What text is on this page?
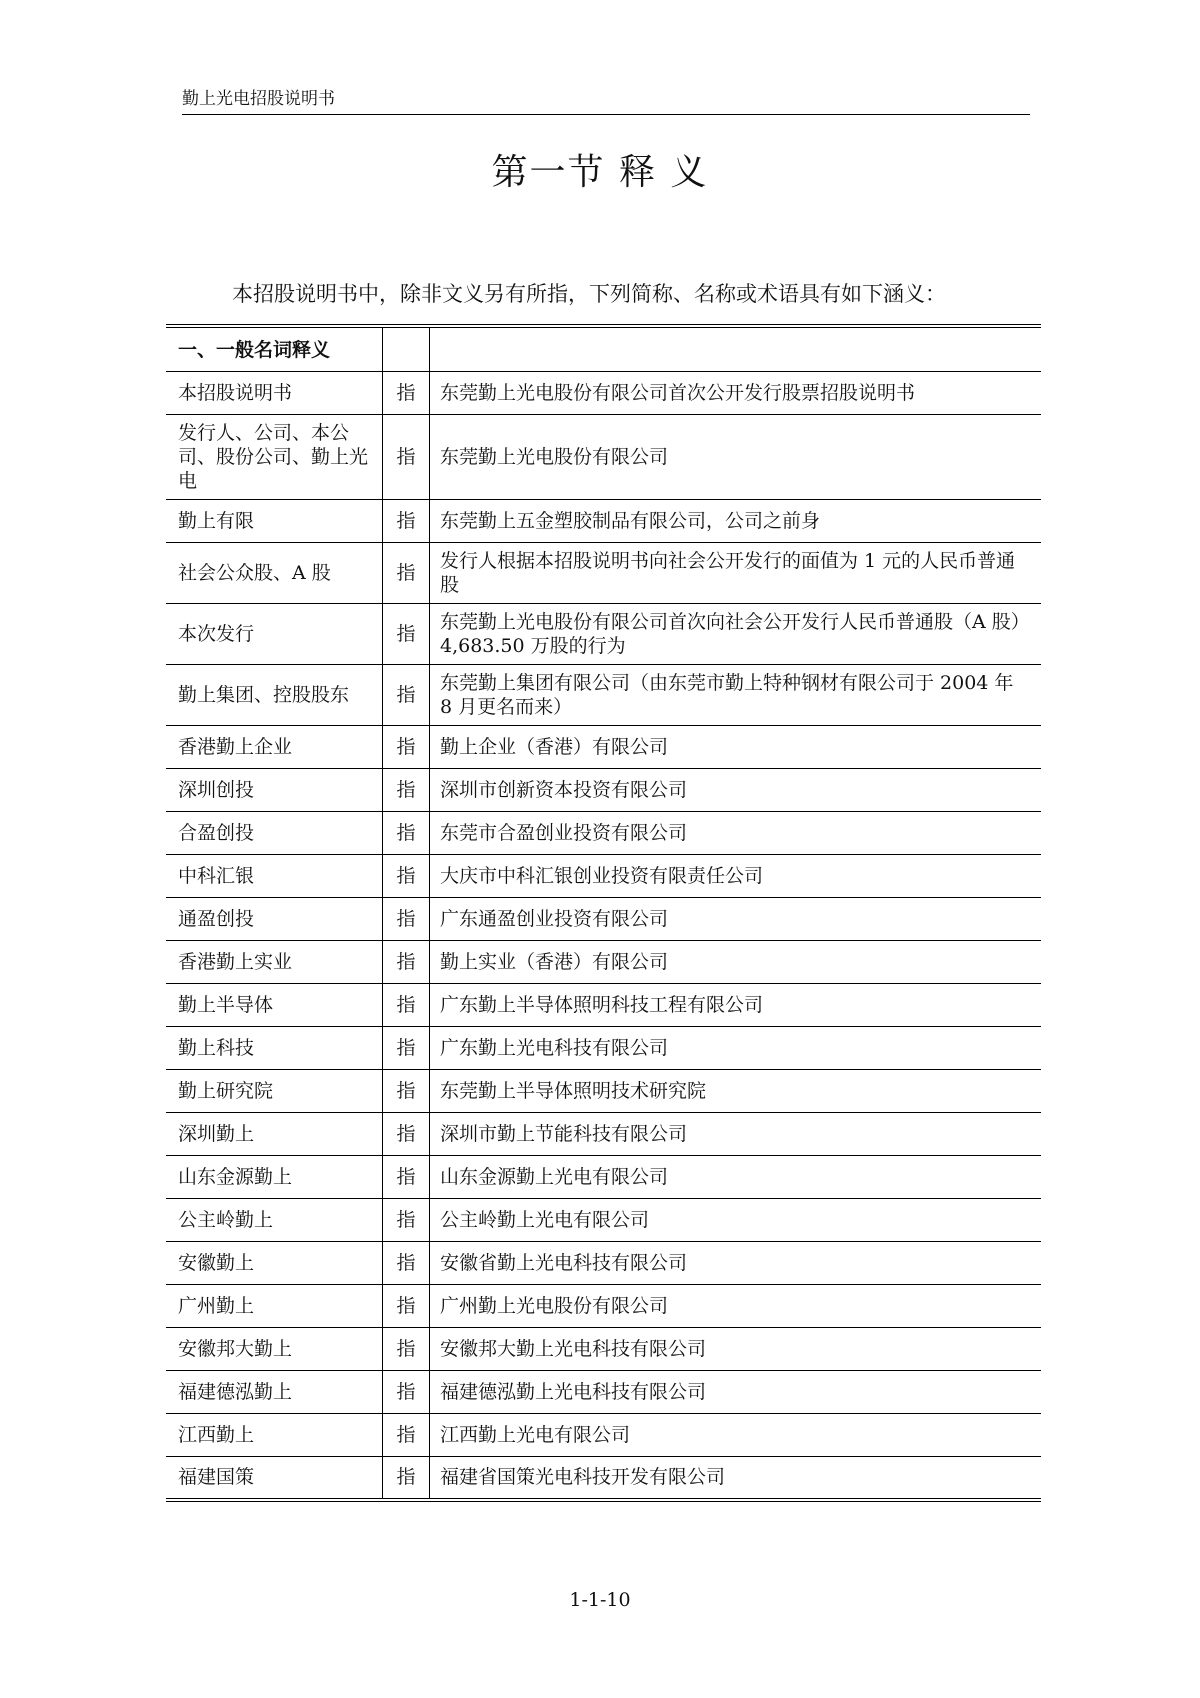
勤上光电招股说明书
第一节 释 义
本招股说明书中，除非文义另有所指，下列简称、名称或术语具有如下涵义：
一、一般名词释义		
本招股说明书	指	东莞勤上光电股份有限公司首次公开发行股票招股说明书
发行人、公司、本公司、股份公司、勤上光电	指	东莞勤上光电股份有限公司
勤上有限	指	东莞勤上五金塑胶制品有限公司，公司之前身
社会公众股、A 股	指	发行人根据本招股说明书向社会公开发行的面值为 1 元的人民币普通股
本次发行	指	东莞勤上光电股份有限公司首次向社会公开发行人民币普通股（A 股）4,683.50 万股的行为
勤上集团、控股股东	指	东莞勤上集团有限公司（由东莞市勤上特种钢材有限公司于 2004 年 8 月更名而来）
香港勤上企业	指	勤上企业（香港）有限公司
深圳创投	指	深圳市创新资本投资有限公司
合盈创投	指	东莞市合盈创业投资有限公司
中科汇银	指	大庆市中科汇银创业投资有限责任公司
通盈创投	指	广东通盈创业投资有限公司
香港勤上实业	指	勤上实业（香港）有限公司
勤上半导体	指	广东勤上半导体照明科技工程有限公司
勤上科技	指	广东勤上光电科技有限公司
勤上研究院	指	东莞勤上半导体照明技术研究院
深圳勤上	指	深圳市勤上节能科技有限公司
山东金源勤上	指	山东金源勤上光电有限公司
公主岭勤上	指	公主岭勤上光电有限公司
安徽勤上	指	安徽省勤上光电科技有限公司
广州勤上	指	广州勤上光电股份有限公司
安徽邦大勤上	指	安徽邦大勤上光电科技有限公司
福建德泓勤上	指	福建德泓勤上光电科技有限公司
江西勤上	指	江西勤上光电有限公司
福建国策	指	福建省国策光电科技开发有限公司
1-1-10
